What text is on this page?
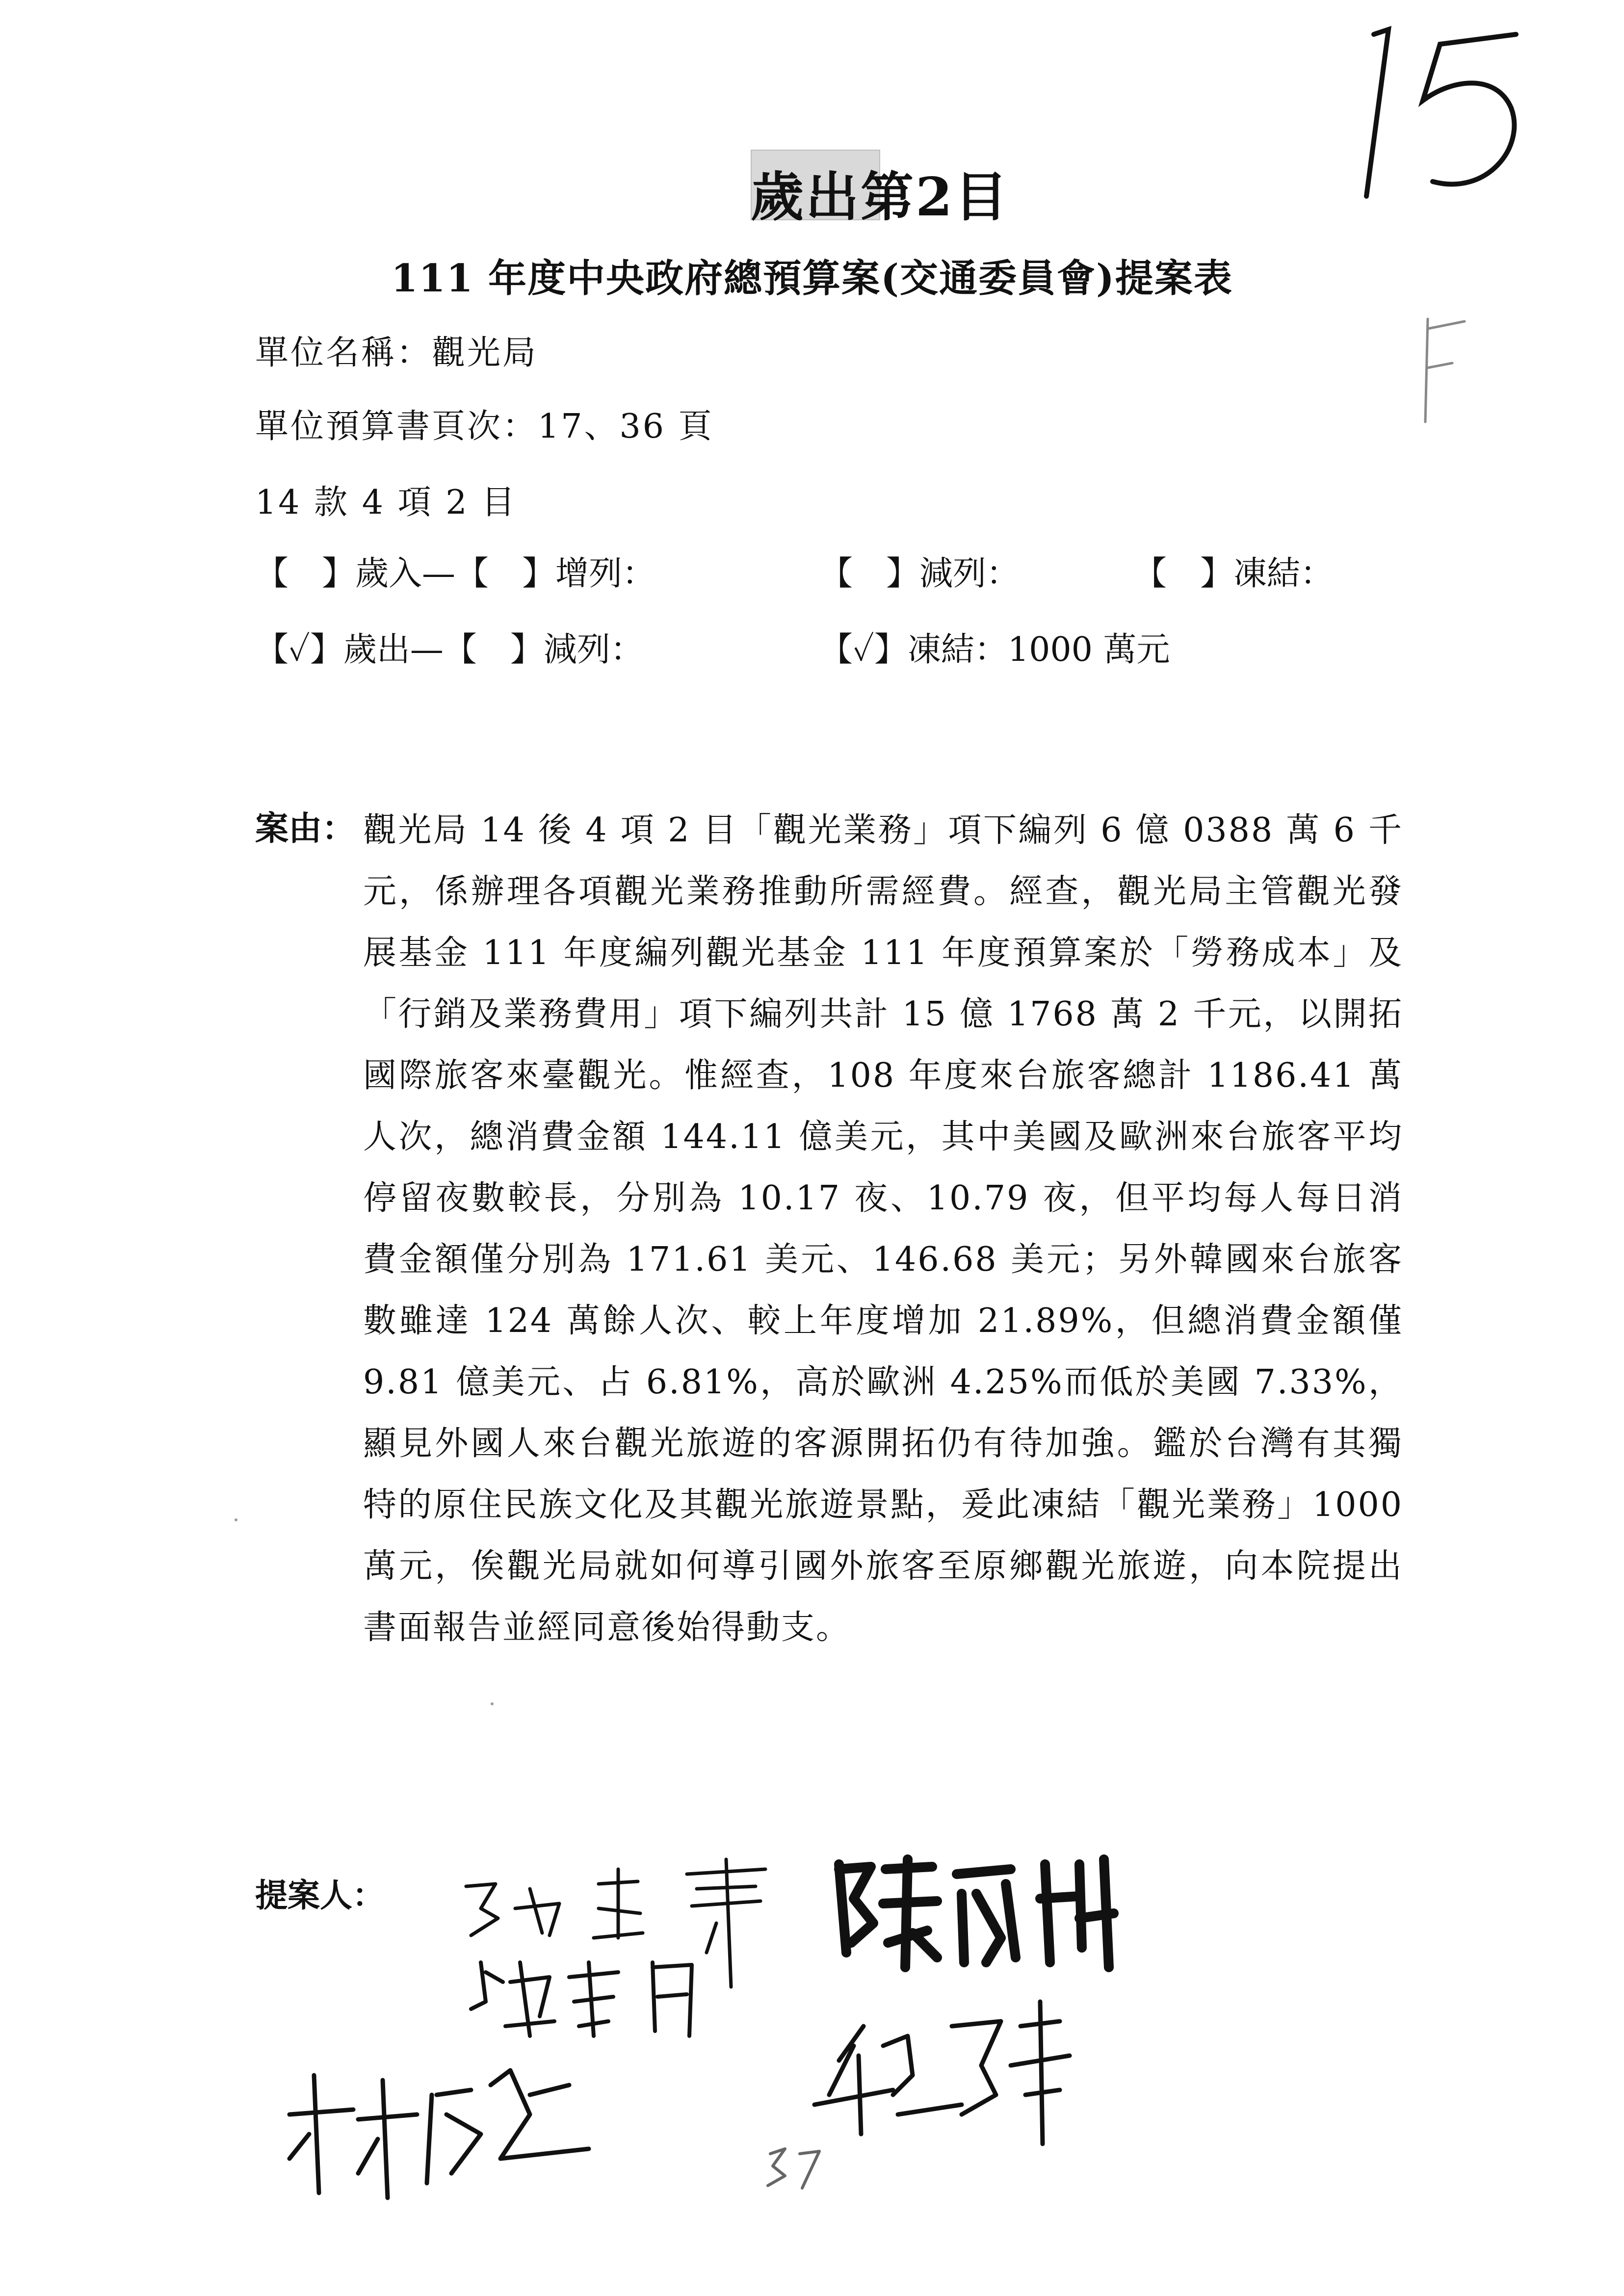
歲出第2目
111 年度中央政府總預算案(交通委員會)提案表
單位名稱：觀光局
單位預算書頁次：17、36 頁
14 款 4 項 2 目
【　】歲入—【　】增列：	【　】減列：	【　】凍結：
【✓】歲出—【　】減列：	【✓】凍結：1000 萬元
案由： 觀光局 14 後 4 項 2 目「觀光業務」項下編列 6 億 0388 萬 6 千元，係辦理各項觀光業務推動所需經費。經查，觀光局主管觀光發展基金 111 年度編列觀光基金 111 年度預算案於「勞務成本」及「行銷及業務費用」項下編列共計 15 億 1768 萬 2 千元，以開拓國際旅客來臺觀光。惟經查，108 年度來台旅客總計 1186.41 萬人次，總消費金額 144.11 億美元，其中美國及歐洲來台旅客平均停留夜數較長，分別為 10.17 夜、10.79 夜，但平均每人每日消費金額僅分別為 171.61 美元、146.68 美元；另外韓國來台旅客數雖達 124 萬餘人次、較上年度增加 21.89%，但總消費金額僅 9.81 億美元、占 6.81%，高於歐洲 4.25%而低於美國 7.33%，顯見外國人來台觀光旅遊的客源開拓仍有待加強。鑑於台灣有其獨特的原住民族文化及其觀光旅遊景點，爰此凍結「觀光業務」1000 萬元，俟觀光局就如何導引國外旅客至原鄉觀光旅遊，向本院提出書面報告並經同意後始得動支。
提案人：
